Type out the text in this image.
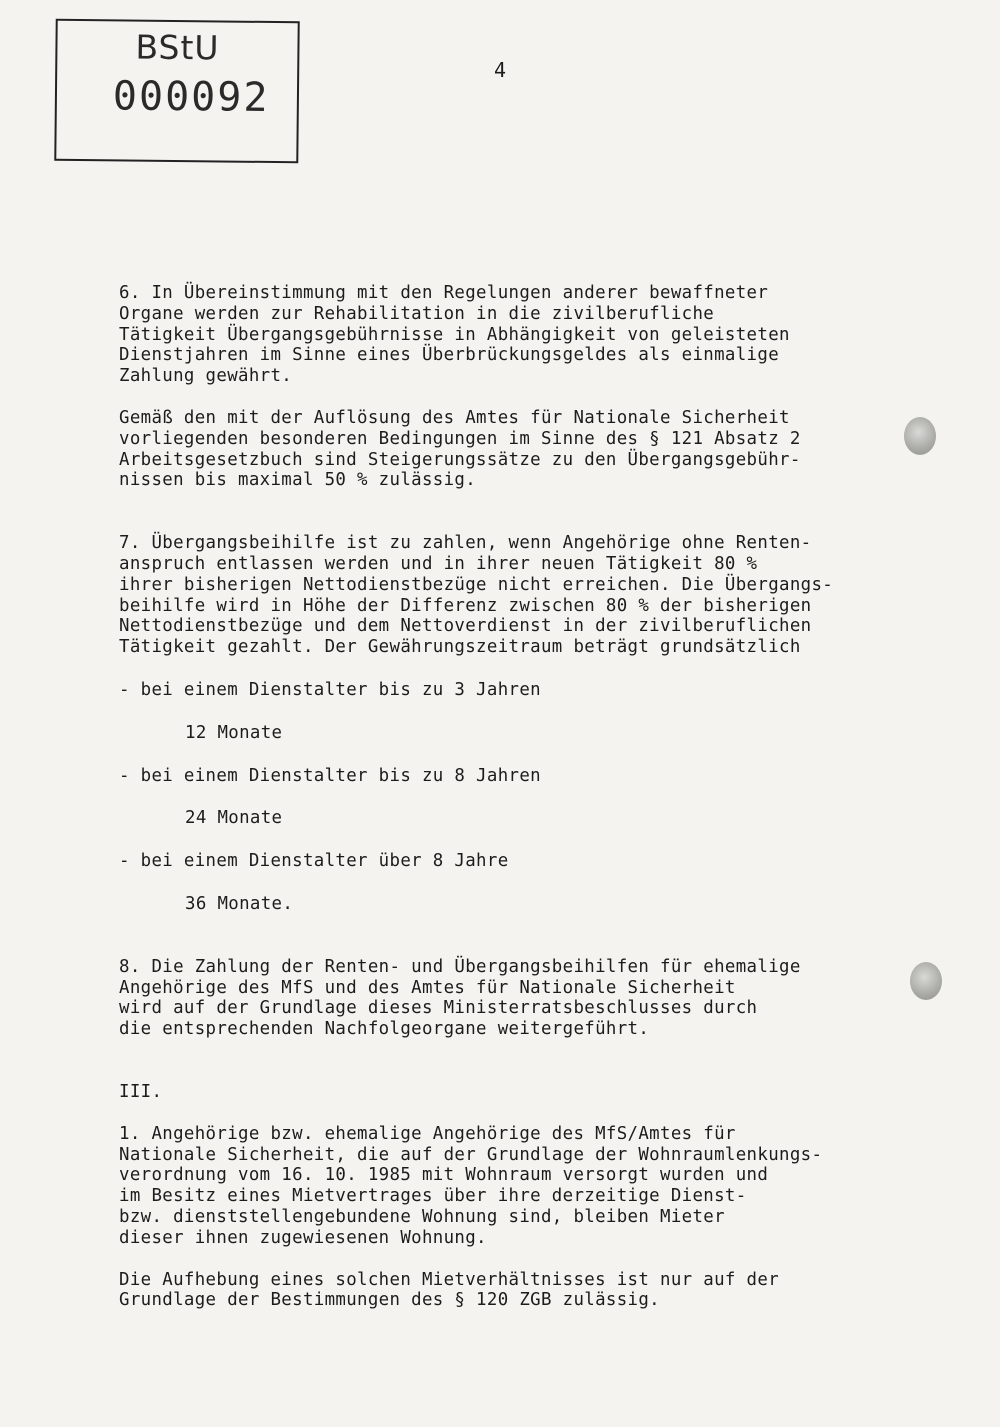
BStU
000092
4

6. In Übereinstimmung mit den Regelungen anderer bewaffneter

Organe werden zur Rehabilitation in die zivilberufliche

Tätigkeit Übergangsgebührnisse in Abhängigkeit von geleisteten

Dienstjahren im Sinne eines Überbrückungsgeldes als einmalige

Zahlung gewährt.

Gemäß den mit der Auflösung des Amtes für Nationale Sicherheit

vorliegenden besonderen Bedingungen im Sinne des § 121 Absatz 2

Arbeitsgesetzbuch sind Steigerungssätze zu den Übergangsgebühr-

nissen bis maximal 50 % zulässig.

7. Übergangsbeihilfe ist zu zahlen, wenn Angehörige ohne Renten-

anspruch entlassen werden und in ihrer neuen Tätigkeit 80 %

ihrer bisherigen Nettodienstbezüge nicht erreichen. Die Übergangs-

beihilfe wird in Höhe der Differenz zwischen 80 % der bisherigen

Nettodienstbezüge und dem Nettoverdienst in der zivilberuflichen

Tätigkeit gezahlt. Der Gewährungszeitraum beträgt grundsätzlich

- bei einem Dienstalter bis zu 3 Jahren

12 Monate

- bei einem Dienstalter bis zu 8 Jahren

24 Monate

- bei einem Dienstalter über 8 Jahre

36 Monate.

8. Die Zahlung der Renten- und Übergangsbeihilfen für ehemalige

Angehörige des MfS und des Amtes für Nationale Sicherheit

wird auf der Grundlage dieses Ministerratsbeschlusses durch

die entsprechenden Nachfolgeorgane weitergeführt.

III.

1. Angehörige bzw. ehemalige Angehörige des MfS/Amtes für

Nationale Sicherheit, die auf der Grundlage der Wohnraumlenkungs-

verordnung vom 16. 10. 1985 mit Wohnraum versorgt wurden und

im Besitz eines Mietvertrages über ihre derzeitige Dienst-

bzw. dienststellengebundene Wohnung sind, bleiben Mieter

dieser ihnen zugewiesenen Wohnung.

Die Aufhebung eines solchen Mietverhältnisses ist nur auf der

Grundlage der Bestimmungen des § 120 ZGB zulässig.
